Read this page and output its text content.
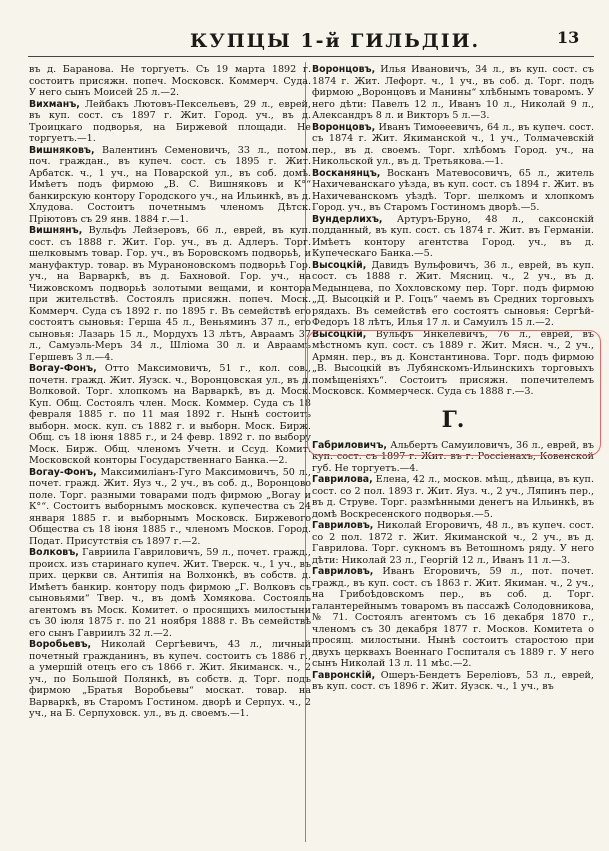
КУПЦЫ 1-й ГИЛЬДIИ.	13
въ д. Баранова. Не торгуетъ. Съ 19 марта 1892 г. состоитъ присяжн. попеч. Московск. Коммерч. Суда. У него сынъ Моисей 25 л.—2.
Вихманъ, Лейбакъ Лютовъ-Пексельевъ, 29 л., еврей, въ куп. сост. съ 1897 г. Жит. Город. уч., въ д. Троицкаго подворья, на Биржевой площади. Не торгуетъ.—1.
Вишняковъ, Валентинъ Семеновичъ, 33 л., потом. поч. граждан., въ купеч. сост. съ 1895 г. Жит. Арбатск. ч., 1 уч., на Поварской ул., въ соб. домѣ. Имѣетъ подъ фирмою „В. С. Вишняковъ и К°“ банкирскую контору Городского уч., на Ильинкѣ, въ д. Хлудова. Состоитъ почетнымъ членомъ Дѣтск. Прiютовъ съ 29 янв. 1884 г.—1.
Вишнянъ, Вульфъ Лейзеровъ, 66 л., еврей, въ куп. сост. съ 1888 г. Жит. Гор. уч., въ д. Адлеръ. Торг. шелковымъ товар. Гор. уч., въ Боровскомъ подворьѣ, и мануфактур. товар. въ Мураноновскомъ подворьѣ Гор. уч., на Варваркѣ, въ д. Бахновой. Гор. уч., на Чижовскомъ подворьѣ золотыми вещами, и контора при жительствѣ. Состоялъ присяжн. попеч. Моск. Коммерч. Суда съ 1892 г. по 1895 г. Въ семействѣ его состоятъ сыновья: Герша 45 л., Веньяминъ 37 л., его сыновья: Лазарь 15 л., Мордухъ 13 лѣтъ, Авраамъ 37 л., Самуэль-Меръ 34 л., Шлiома 30 л. и Авраамъ Гершевъ 3 л.—4.
Вогау-Фонъ, Отто Максимовичъ, 51 г., кол. сов., почетн. гражд. Жит. Яузск. ч., Воронцовская ул., въ д. Волковой. Торг. хлопкомъ на Варваркѣ, въ д. Моск. Куп. Общ. Состоялъ член. Моск. Коммер. Суда съ 18 февраля 1885 г. по 11 мая 1892 г. Нынѣ состоитъ выборн. моск. куп. съ 1882 г. и выборн. Моск. Бирж. Общ. съ 18 iюня 1885 г., и 24 февр. 1892 г. по выбору Моск. Бирж. Общ. членомъ Учетн. и Ссуд. Комит. Московской конторы Государственнаго Банка.—2.
Вогау-Фонъ, Максимилiанъ-Гуго Максимовичъ, 50 л., почет. гражд. Жит. Яуз ч., 2 уч., въ соб. д., Воронцово поле. Торг. разными товарами подъ фирмою „Вогау и К°“. Состоитъ выборнымъ московск. купечества съ 24 января 1885 г. и выборнымъ Московск. Биржевого Общества съ 18 iюня 1885 г., членомъ Москов. Город. Подат. Присутствiя съ 1897 г.—2.
Волковъ, Гавриила Гавриловичъ, 59 л., почет. гражд., происх. изъ старинаго купеч. Жит. Тверск. ч., 1 уч., въ прих. церкви св. Антипiя на Волхонкѣ, въ собств. д. Имѣетъ банкир. контору подъ фирмою „Г. Волковъ съ сыновьями“ Твер. ч., въ домѣ Хомякова. Состоялъ агентомъ въ Моск. Комитет. о просящихъ милостыни съ 30 iюля 1875 г. по 21 ноября 1888 г. Въ семействѣ его сынъ Гавриилъ 32 л.—2.
Воробьевъ, Николай Сергѣевичъ, 43 л., личный почетный гражданинъ, въ купеч. состоитъ съ 1886 г., а умершiй отецъ его съ 1866 г. Жит. Якиманск. ч., 2 уч., по Большой Полянкѣ, въ собств. д. Торг. подъ фирмою „Братья Воробьевы“ москат. товар. на Варваркѣ, въ Старомъ Гостином. дворѣ и Серпух. ч., 2 уч., на Б. Серпуховск. ул., въ д. своемъ.—1.
Воронцовъ, Илья Ивановичъ, 34 л., въ куп. сост. съ 1874 г. Жит. Лефорт. ч., 1 уч., въ соб. д. Торг. подъ фирмою „Воронцовъ и Манины“ хлѣбнымъ товаромъ. У него дѣти: Павелъ 12 л., Иванъ 10 л., Николай 9 л., Александръ 8 л. и Викторъ 5 л.—3.
Воронцовъ, Иванъ Тимоѳеевичъ, 64 л., въ купеч. сост. съ 1874 г. Жит. Якиманской ч., 1 уч., Толмачевскiй пер., въ д. своемъ. Торг. хлѣбомъ Город. уч., на Никольской ул., въ д. Третьякова.—1.
Восканянцъ, Восканъ Матевосовичъ, 65 л., житель Нахичеванскаго уѣзда, въ куп. сост. съ 1894 г. Жит. въ Нахичеванскомъ уѣздѣ. Торг. шелкомъ и хлопкомъ Город. уч., въ Старомъ Гостиномъ дворѣ.—5.
Вундерлихъ, Артуръ-Бруно, 48 л., саксонскiй подданный, въ куп. сост. съ 1874 г. Жит. въ Германiи. Имѣетъ контору агентства Город. уч., въ д. Купеческаго Банка.—5.
Высоцкiй, Давидъ Вульфовичъ, 36 л., еврей, въ куп. сост. съ 1888 г. Жит. Мясниц. ч., 2 уч., въ д. Медынцева, по Хохловскому пер. Торг. подъ фирмою „Д. Высоцкiй и Р. Гоцъ“ чаемъ въ Средних торговыхъ рядахъ. Въ семействѣ его состоятъ сыновья: Сергѣй-Федоръ 18 лѣтъ, Илья 17 л. и Самуилъ 15 л.—2.
Высоцкiй, Вульфъ Янкелевичъ, 76 л., еврей, въ мѣстномъ куп. сост. съ 1889 г. Жит. Мясн. ч., 2 уч., Армян. пер., въ д. Константинова. Торг. подъ фирмою „В. Высоцкiй въ Лубянскомъ-Ильинскихъ торговыхъ помѣщенiяхъ“. Состоитъ присяжн. попечителемъ Московск. Коммерческ. Суда съ 1888 г.—3.
Г.
Габриловичъ, Альбертъ Самуиловичъ, 36 л., еврей, въ куп. сост. съ 1897 г. Жит. въ г. Россiенахъ, Ковенской губ. Не торгуетъ.—4.
Гаврилова, Елена, 42 л., москов. мѣщ., дѣвица, въ куп. сост. со 2 пол. 1893 г. Жит. Яуз. ч., 2 уч., Ляпинъ пер., въ д. Струве. Торг. размѣнными денегъ на Ильинкѣ, въ домѣ Воскресенского подворья.—5.
Гавриловъ, Николай Егоровичъ, 48 л., въ купеч. сост. со 2 пол. 1872 г. Жит. Якиманской ч., 2 уч., въ д. Гаврилова. Торг. сукномъ въ Ветошномъ ряду. У него дѣти: Николай 23 л., Георгiй 12 л., Иванъ 11 л.—3.
Гавриловъ, Иванъ Егоровичъ, 59 л., пот. почет. гражд., въ куп. сост. съ 1863 г. Жит. Якиман. ч., 2 уч., на Грибоѣдовскомъ пер., въ соб. д. Торг. галантерейнымъ товаромъ въ пассажѣ Солодовникова, № 71. Состоялъ агентомъ съ 16 декабря 1870 г., членомъ съ 30 декабря 1877 г. Москов. Комитета о просящ. милостыни. Нынѣ состоитъ старостою при двухъ церквахъ Военнаго Госпиталя съ 1889 г. У него сынъ Николай 13 л. 11 мѣс.—2.
Гавронскiй, Ошеръ-Бендетъ Берелiовъ, 53 л., еврей, въ куп. сост. съ 1896 г. Жит. Яузск. ч., 1 уч., въ
